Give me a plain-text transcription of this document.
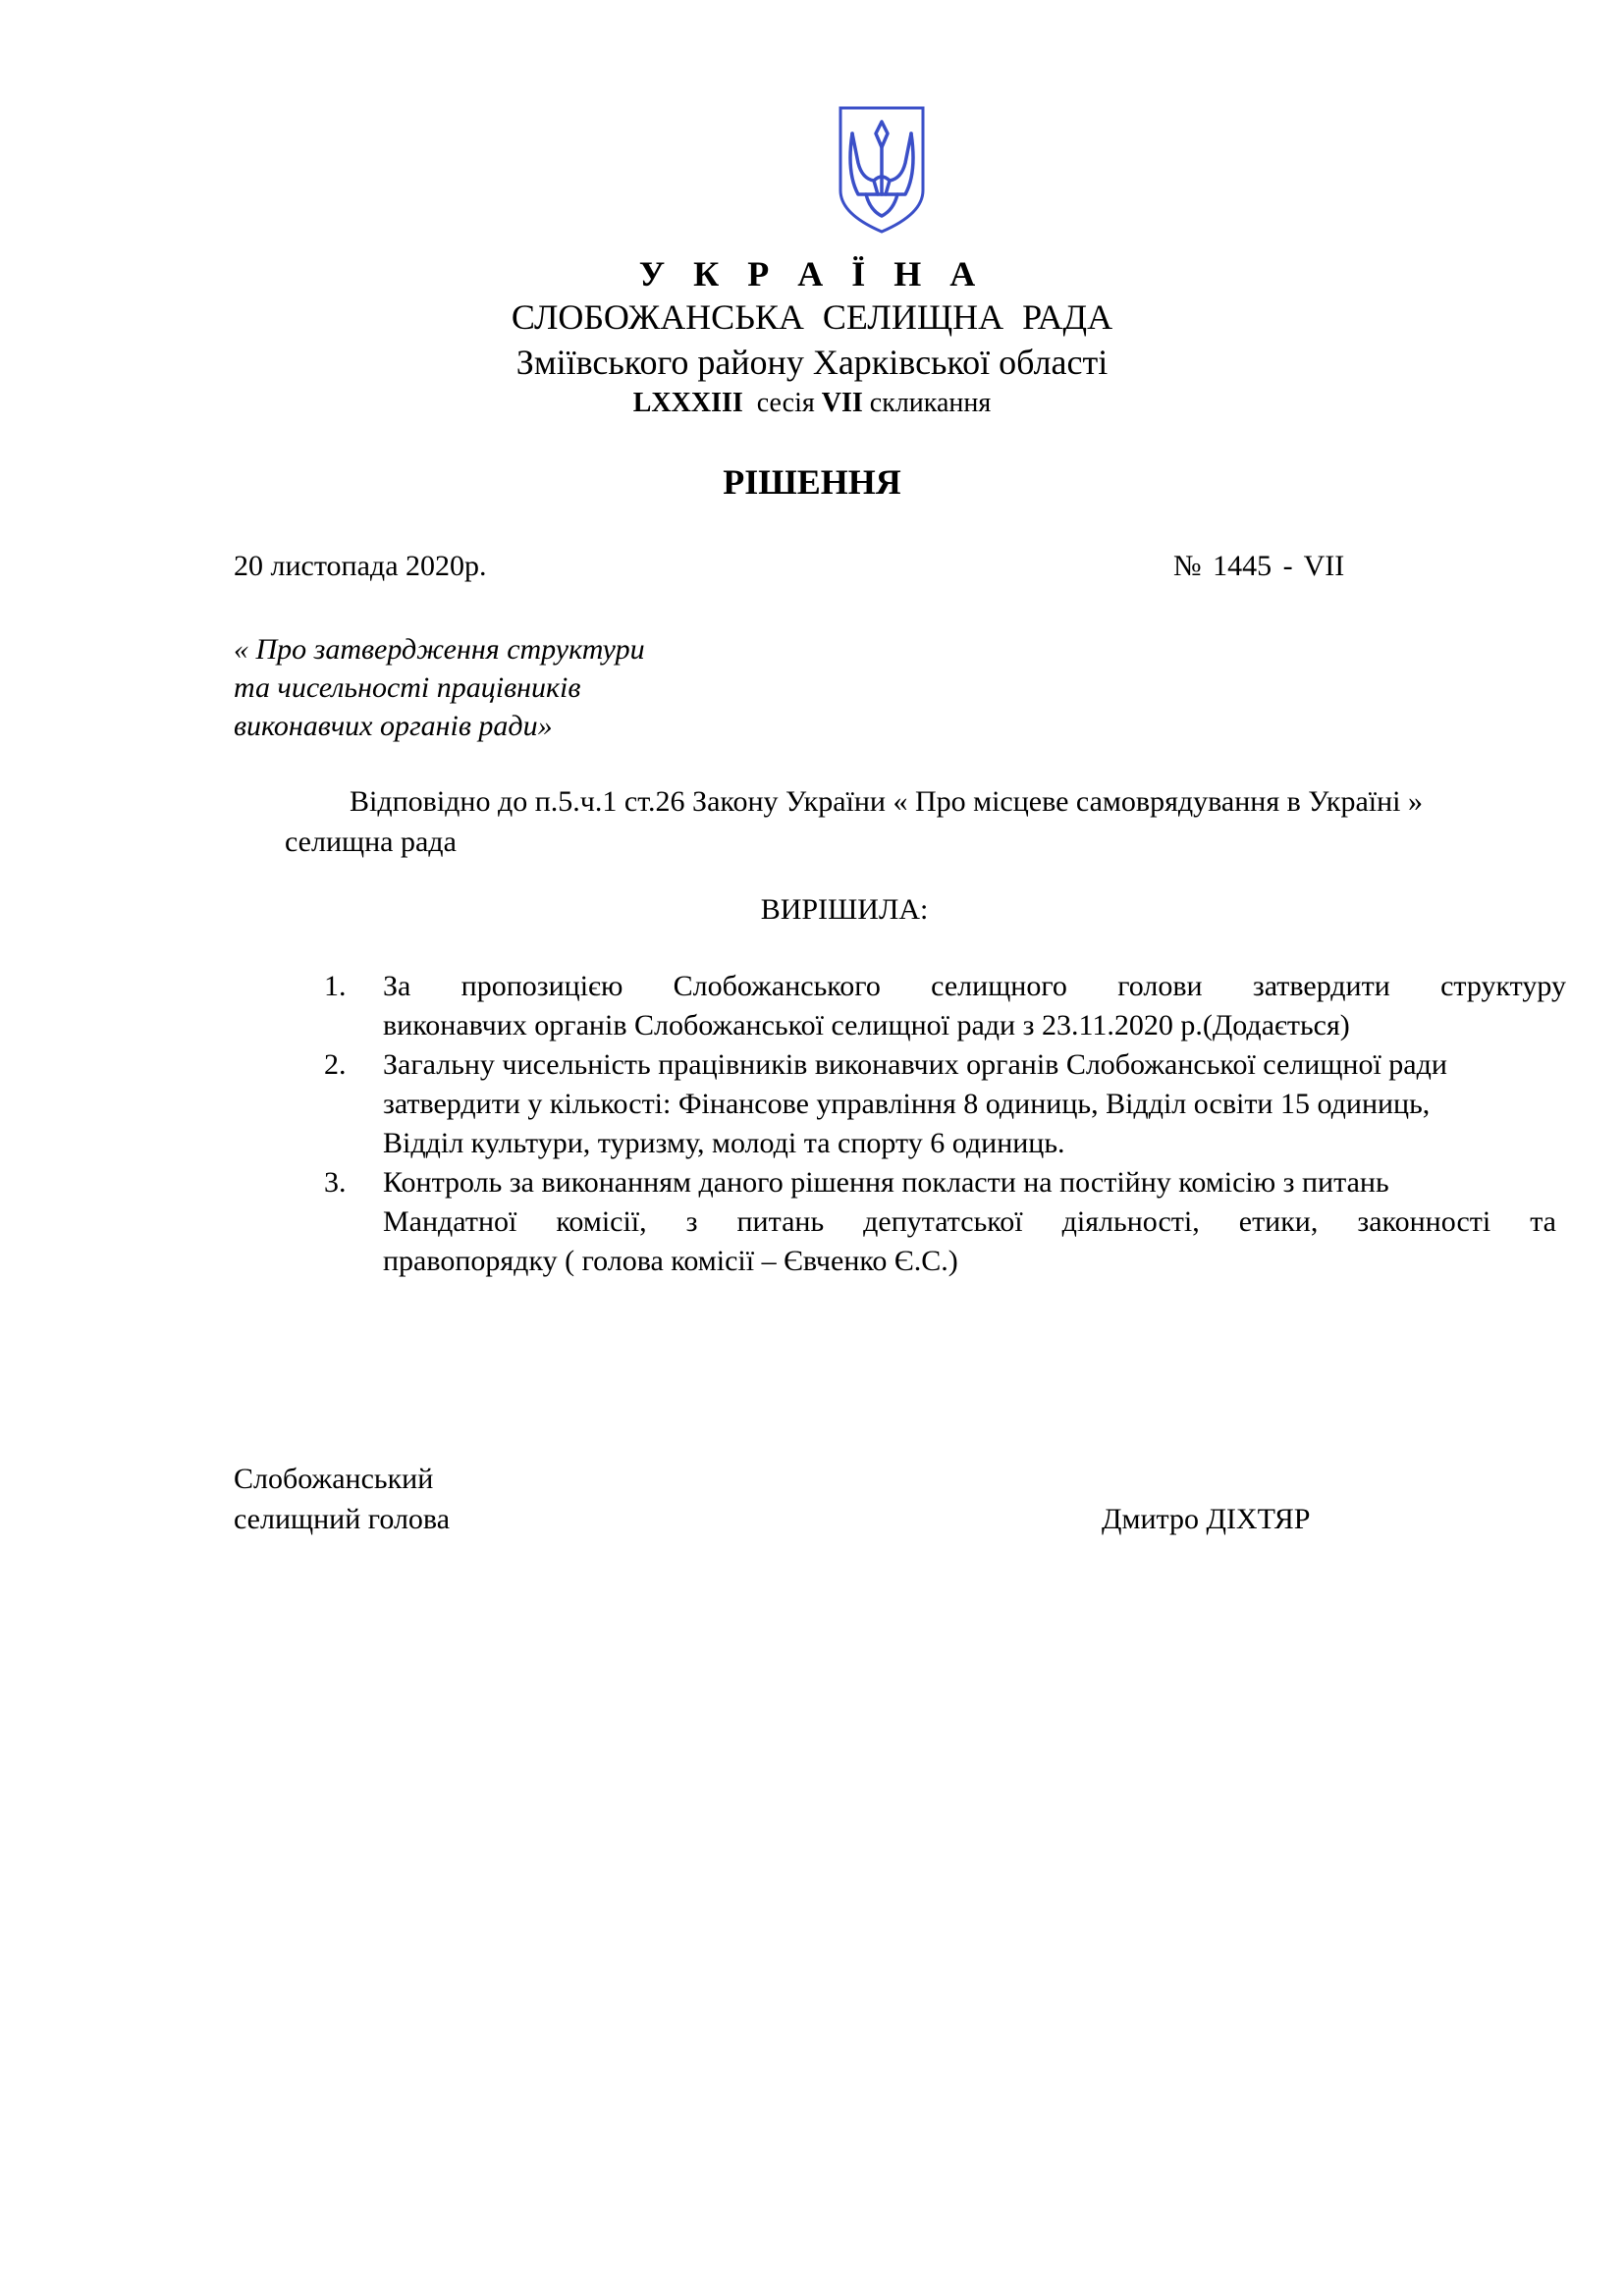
У К Р А Ї Н А
СЛОБОЖАНСЬКА СЕЛИЩНА РАДА
Зміївського району Харківської області
LXXXIII сесія VII скликання
РІШЕННЯ
20 листопада 2020р.	№ 1445 - VII
« Про затвердження структури
та чисельності працівників
виконавчих органів ради»
Відповідно до п.5.ч.1 ст.26 Закону України « Про місцеве самоврядування в Україні »
селищна рада
ВИРІШИЛА:
1. За пропозицією Слобожанського селищного голови затвердити структуру
виконавчих органів Слобожанської селищної ради з 23.11.2020 р.(Додається)
2. Загальну чисельність працівників виконавчих органів Слобожанської селищної ради
затвердити у кількості: Фінансове управління 8 одиниць, Відділ освіти 15 одиниць,
Відділ культури, туризму, молоді та спорту 6 одиниць.
3. Контроль за виконанням даного рішення покласти на постійну комісію з питань
Мандатної комісії, з питань депутатської діяльності, етики, законності та
правопорядку ( голова комісії – Євченко Є.С.)
Слобожанський
селищний голова	Дмитро ДІХТЯР
